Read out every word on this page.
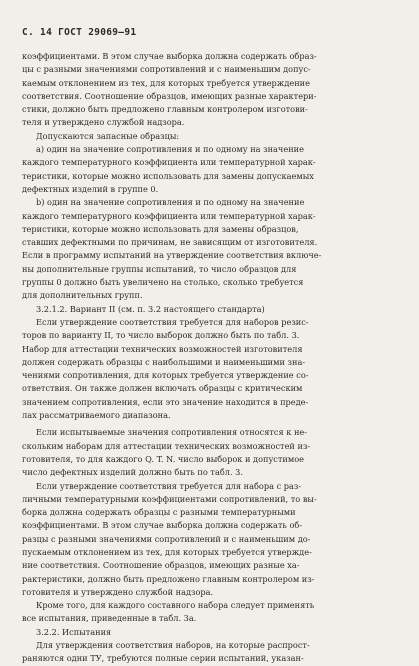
С. 14 ГОСТ 29069—91
коэффициентами. В этом случае выборка должна содержать образ-
цы с разными значениями сопротивлений и с наименьшим допус-
каемым отклонением из тех, для которых требуется утверждение
соответствия. Соотношение образцов, имеющих разные характери-
стики, должно быть предложено главным контролером изготови-
теля и утверждено службой надзора.
Допускаются запасные образцы:
а) один на значение сопротивления и по одному на значение
каждого температурного коэффициента или температурной харак-
теристики, которые можно использовать для замены допускаемых
дефектных изделий в группе 0.
b) один на значение сопротивления и по одному на значение
каждого температурного коэффициента или температурной харак-
теристики, которые можно использовать для замены образцов,
ставших дефектными по причинам, не зависящим от изготовителя.
Если в программу испытаний на утверждение соответствия включе-
ны дополнительные группы испытаний, то число образцов для
группы 0 должно быть увеличено на столько, сколько требуется
для дополнительных групп.
3.2.1.2. Вариант II (см. п. 3.2 настоящего стандарта)
Если утверждение соответствия требуется для наборов резис-
торов по варианту II, то число выборок должно быть по табл. 3.
Набор для аттестации технических возможностей изготовителя
должен содержать образцы с наибольшими и наименьшими зна-
чениями сопротивления, для которых требуется утверждение со-
ответствия. Он также должен включать образцы с критическим
значением сопротивления, если это значение находится в преде-
лах рассматриваемого диапазона.
Если испытываемые значения сопротивления относятся к не-
скольким наборам для аттестации технических возможностей из-
готовителя, то для каждого Q. T. N. число выборок и допустимое
число дефектных изделий должно быть по табл. 3.
Если утверждение соответствия требуется для набора с раз-
личными температурными коэффициентами сопротивлений, то вы-
борка должна содержать образцы с разными температурными
коэффициентами. В этом случае выборка должна содержать об-
разцы с разными значениями сопротивлений и с наименьшим до-
пускаемым отклонением из тех, для которых требуется утвержде-
ние соответствия. Соотношение образцов, имеющих разные ха-
рактеристики, должно быть предложено главным контролером из-
готовителя и утверждено службой надзора.
Кроме того, для каждого составного набора следует применять
все испытания, приведенные в табл. 3а.
3.2.2. Испытания
Для утверждения соответствия наборов, на которые распрост-
раняются одни ТУ, требуются полные серии испытаний, указан-
